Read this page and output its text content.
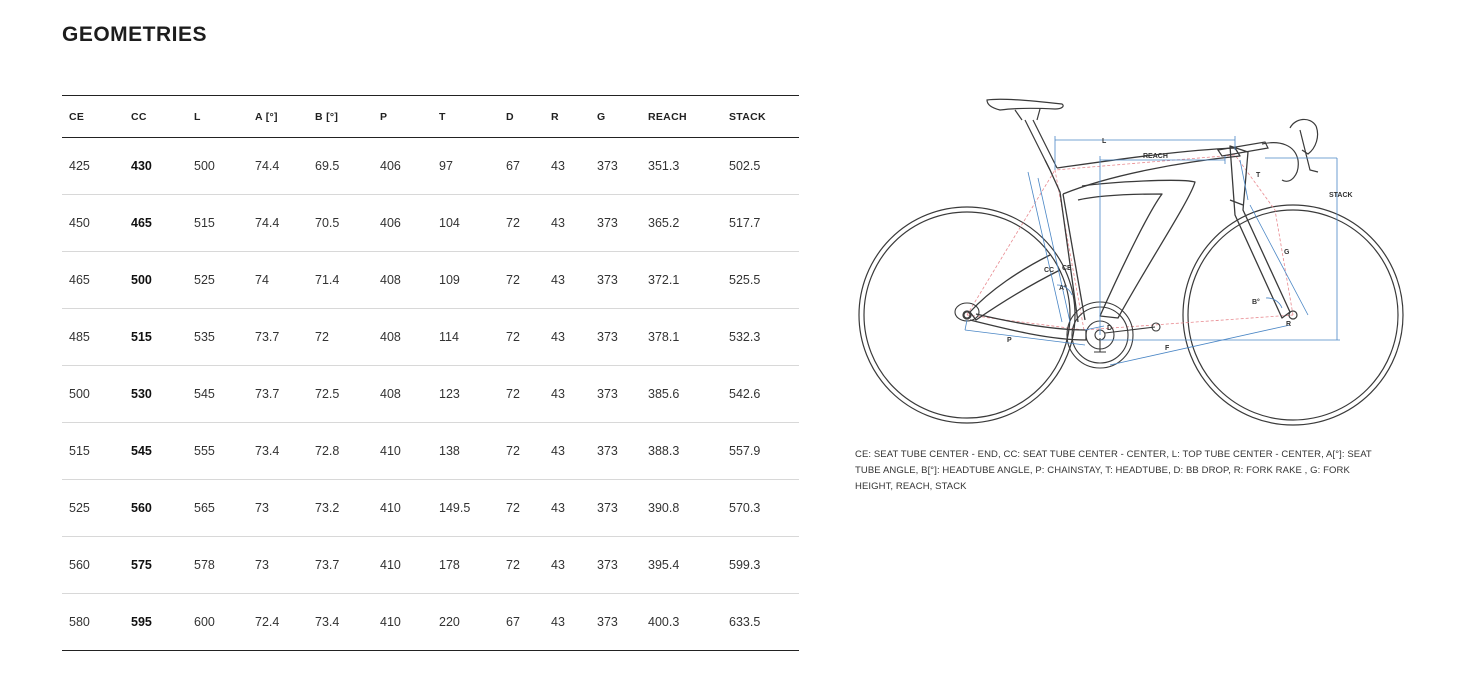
GEOMETRIES
CE	CC	L	A [°]	B [°]	P	T	D	R	G	REACH	STACK
425	430	500	74.4	69.5	406	97	67	43	373	351.3	502.5
450	465	515	74.4	70.5	406	104	72	43	373	365.2	517.7
465	500	525	74	71.4	408	109	72	43	373	372.1	525.5
485	515	535	73.7	72	408	114	72	43	373	378.1	532.3
500	530	545	73.7	72.5	408	123	72	43	373	385.6	542.6
515	545	555	73.4	72.8	410	138	72	43	373	388.3	557.9
525	560	565	73	73.2	410	149.5	72	43	373	390.8	570.3
560	575	578	73	73.7	410	178	72	43	373	395.4	599.3
580	595	600	72.4	73.4	410	220	67	43	373	400.3	633.5
L
REACH
STACK
T
G
CC CE
A°
B°
D
R
P
F
CE: SEAT TUBE CENTER - END, CC: SEAT TUBE CENTER - CENTER, L: TOP TUBE CENTER - CENTER, A[°]: SEAT TUBE ANGLE, B[°]: HEADTUBE ANGLE, P: CHAINSTAY, T: HEADTUBE, D: BB DROP, R: FORK RAKE , G: FORK HEIGHT, REACH, STACK
